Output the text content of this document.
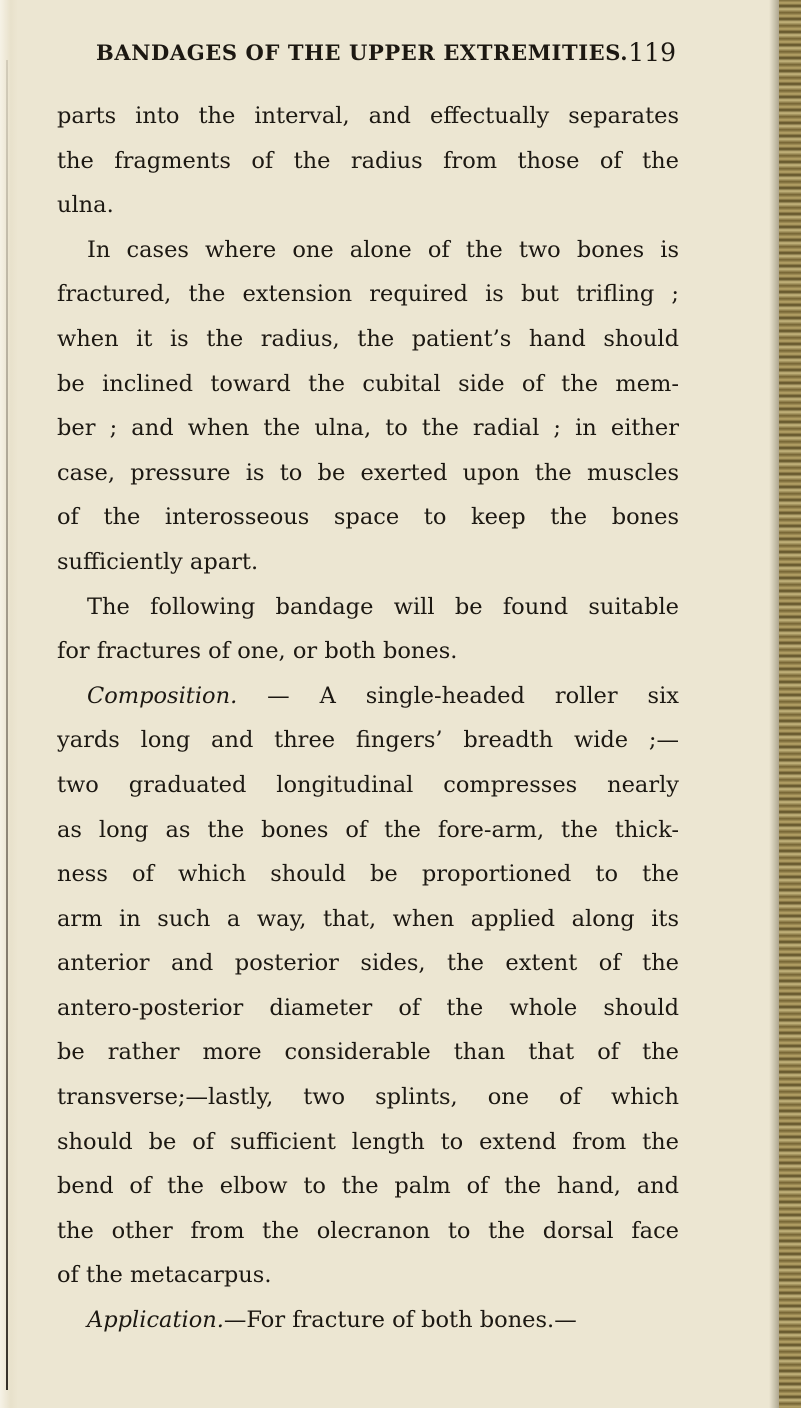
BANDAGES OF THE UPPER EXTREMITIES. 119
parts into the interval, and effectually separates
the fragments of the radius from those of the
ulna.
In cases where one alone of the two bones is
fractured, the extension required is but trifling ;
when it is the radius, the patient’s hand should
be inclined toward the cubital side of the mem-
ber ; and when the ulna, to the radial ; in either
case, pressure is to be exerted upon the muscles
of the interosseous space to keep the bones
sufficiently apart.
The following bandage will be found suitable
for fractures of one, or both bones.
Composition. — A single-headed roller six
yards long and three fingers’ breadth wide ;—
two graduated longitudinal compresses nearly
as long as the bones of the fore-arm, the thick-
ness of which should be proportioned to the
arm in such a way, that, when applied along its
anterior and posterior sides, the extent of the
antero-posterior diameter of the whole should
be rather more considerable than that of the
transverse;—lastly, two splints, one of which
should be of sufficient length to extend from the
bend of the elbow to the palm of the hand, and
the other from the olecranon to the dorsal face
of the metacarpus.
Application.—For fracture of both bones.—
